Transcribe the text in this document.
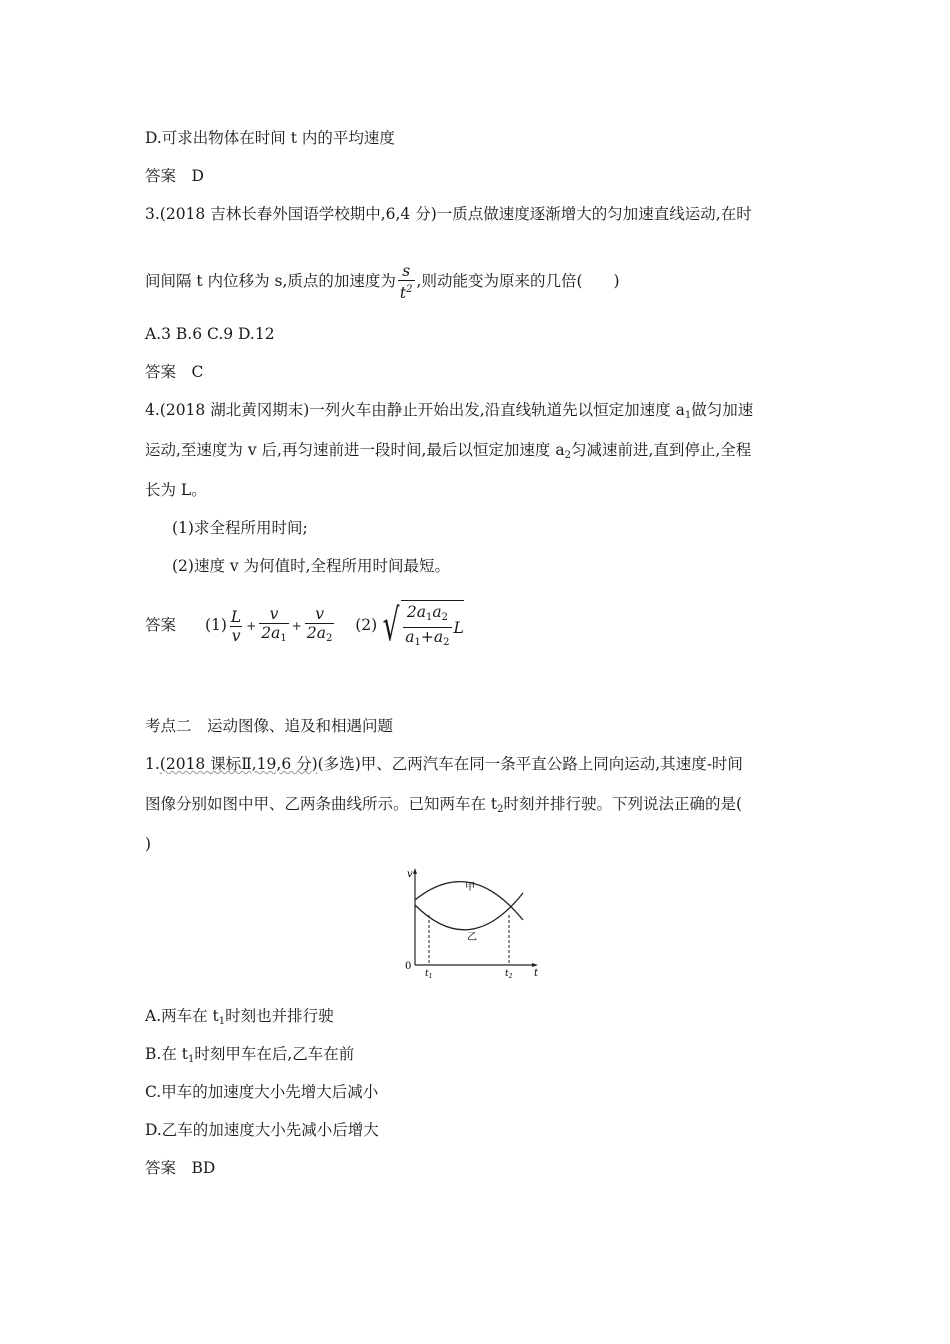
D.可求出物体在时间 t 内的平均速度
答案　D
3.(2018 吉林长春外国语学校期中,6,4 分)一质点做速度逐渐增大的匀加速直线运动,在时
间间隔 t 内位移为 s,质点的加速度为 $\frac{s}{t^2}$ ,则动能变为原来的几倍(　　)
A.3 B.6 C.9 D.12
答案　C
4.(2018 湖北黄冈期末)一列火车由静止开始出发,沿直线轨道先以恒定加速度 $a_1$做匀加速
运动,至速度为 v 后,再匀速前进一段时间,最后以恒定加速度 $a_2$匀减速前进,直到停止,全程
长为 L。
(1)求全程所用时间;
(2)速度 v 为何值时,全程所用时间最短。
答案 $(1) \frac{L}{v} + \frac{v}{2a_1} + \frac{v}{2a_2} (2)$ √ $\frac{2a_1a_2}{a_1+a_2}$ L
考点二　运动图像、追及和相遇问题
1.(2018 课标Ⅱ,19,6 分)(多选)甲、乙两汽车在同一条平直公路上同向运动,其速度-时间
图像分别如图中甲、乙两条曲线所示。已知两车在 $t_2$时刻并排行驶。下列说法正确的是(
)
v
t
0
甲
乙
$t_1$	$t_2$
A.两车在 $t_1$时刻也并排行驶
B.在 $t_1$时刻甲车在后,乙车在前
C.甲车的加速度大小先增大后减小
D.乙车的加速度大小先减小后增大
答案　BD
